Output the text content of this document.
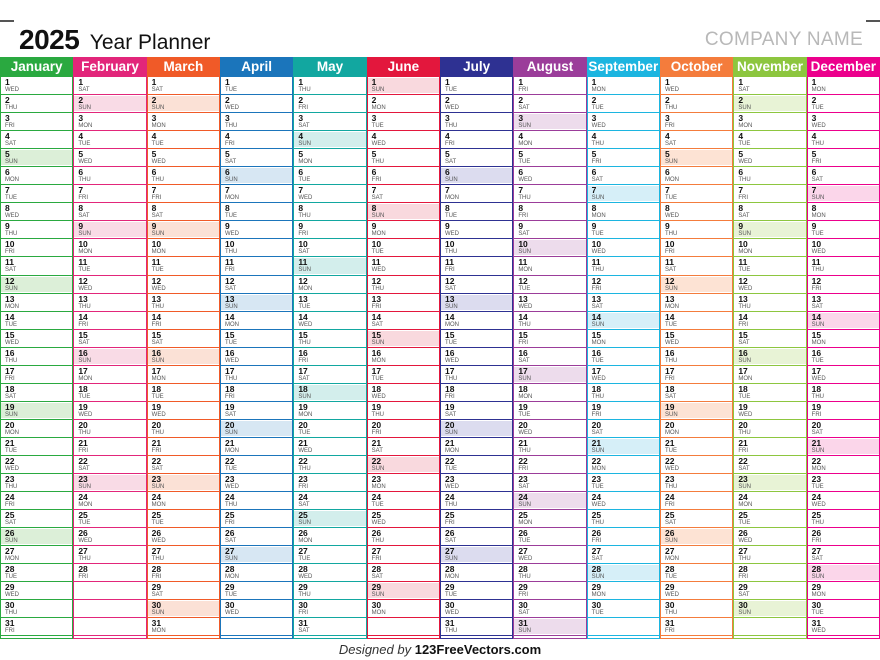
2025 Year Planner	COMPANY NAME
January
1
WED
2
THU
3
FRI
4
SAT
5
SUN
6
MON
7
TUE
8
WED
9
THU
10
FRI
11
SAT
12
SUN
13
MON
14
TUE
15
WED
16
THU
17
FRI
18
SAT
19
SUN
20
MON
21
TUE
22
WED
23
THU
24
FRI
25
SAT
26
SUN
27
MON
28
TUE
29
WED
30
THU
31
FRI
February
1
SAT
2
SUN
3
MON
4
TUE
5
WED
6
THU
7
FRI
8
SAT
9
SUN
10
MON
11
TUE
12
WED
13
THU
14
FRI
15
SAT
16
SUN
17
MON
18
TUE
19
WED
20
THU
21
FRI
22
SAT
23
SUN
24
MON
25
TUE
26
WED
27
THU
28
FRI
March
1
SAT
2
SUN
3
MON
4
TUE
5
WED
6
THU
7
FRI
8
SAT
9
SUN
10
MON
11
TUE
12
WED
13
THU
14
FRI
15
SAT
16
SUN
17
MON
18
TUE
19
WED
20
THU
21
FRI
22
SAT
23
SUN
24
MON
25
TUE
26
WED
27
THU
28
FRI
29
SAT
30
SUN
31
MON
April
1
TUE
2
WED
3
THU
4
FRI
5
SAT
6
SUN
7
MON
8
TUE
9
WED
10
THU
11
FRI
12
SAT
13
SUN
14
MON
15
TUE
16
WED
17
THU
18
FRI
19
SAT
20
SUN
21
MON
22
TUE
23
WED
24
THU
25
FRI
26
SAT
27
SUN
28
MON
29
TUE
30
WED
May
1
THU
2
FRI
3
SAT
4
SUN
5
MON
6
TUE
7
WED
8
THU
9
FRI
10
SAT
11
SUN
12
MON
13
TUE
14
WED
15
THU
16
FRI
17
SAT
18
SUN
19
MON
20
TUE
21
WED
22
THU
23
FRI
24
SAT
25
SUN
26
MON
27
TUE
28
WED
29
THU
30
FRI
31
SAT
June
1
SUN
2
MON
3
TUE
4
WED
5
THU
6
FRI
7
SAT
8
SUN
9
MON
10
TUE
11
WED
12
THU
13
FRI
14
SAT
15
SUN
16
MON
17
TUE
18
WED
19
THU
20
FRI
21
SAT
22
SUN
23
MON
24
TUE
25
WED
26
THU
27
FRI
28
SAT
29
SUN
30
MON
July
1
TUE
2
WED
3
THU
4
FRI
5
SAT
6
SUN
7
MON
8
TUE
9
WED
10
THU
11
FRI
12
SAT
13
SUN
14
MON
15
TUE
16
WED
17
THU
18
FRI
19
SAT
20
SUN
21
MON
22
TUE
23
WED
24
THU
25
FRI
26
SAT
27
SUN
28
MON
29
TUE
30
WED
31
THU
August
1
FRI
2
SAT
3
SUN
4
MON
5
TUE
6
WED
7
THU
8
FRI
9
SAT
10
SUN
11
MON
12
TUE
13
WED
14
THU
15
FRI
16
SAT
17
SUN
18
MON
19
TUE
20
WED
21
THU
22
FRI
23
SAT
24
SUN
25
MON
26
TUE
27
WED
28
THU
29
FRI
30
SAT
31
SUN
September
1
MON
2
TUE
3
WED
4
THU
5
FRI
6
SAT
7
SUN
8
MON
9
TUE
10
WED
11
THU
12
FRI
13
SAT
14
SUN
15
MON
16
TUE
17
WED
18
THU
19
FRI
20
SAT
21
SUN
22
MON
23
TUE
24
WED
25
THU
26
FRI
27
SAT
28
SUN
29
MON
30
TUE
October
1
WED
2
THU
3
FRI
4
SAT
5
SUN
6
MON
7
TUE
8
WED
9
THU
10
FRI
11
SAT
12
SUN
13
MON
14
TUE
15
WED
16
THU
17
FRI
18
SAT
19
SUN
20
MON
21
TUE
22
WED
23
THU
24
FRI
25
SAT
26
SUN
27
MON
28
TUE
29
WED
30
THU
31
FRI
November
1
SAT
2
SUN
3
MON
4
TUE
5
WED
6
THU
7
FRI
8
SAT
9
SUN
10
MON
11
TUE
12
WED
13
THU
14
FRI
15
SAT
16
SUN
17
MON
18
TUE
19
WED
20
THU
21
FRI
22
SAT
23
SUN
24
MON
25
TUE
26
WED
27
THU
28
FRI
29
SAT
30
SUN
December
1
MON
2
TUE
3
WED
4
THU
5
FRI
6
SAT
7
SUN
8
MON
9
TUE
10
WED
11
THU
12
FRI
13
SAT
14
SUN
15
MON
16
TUE
17
WED
18
THU
19
FRI
20
SAT
21
SUN
22
MON
23
TUE
24
WED
25
THU
26
FRI
27
SAT
28
SUN
29
MON
30
TUE
31
WED
Designed by 123FreeVectors.com
